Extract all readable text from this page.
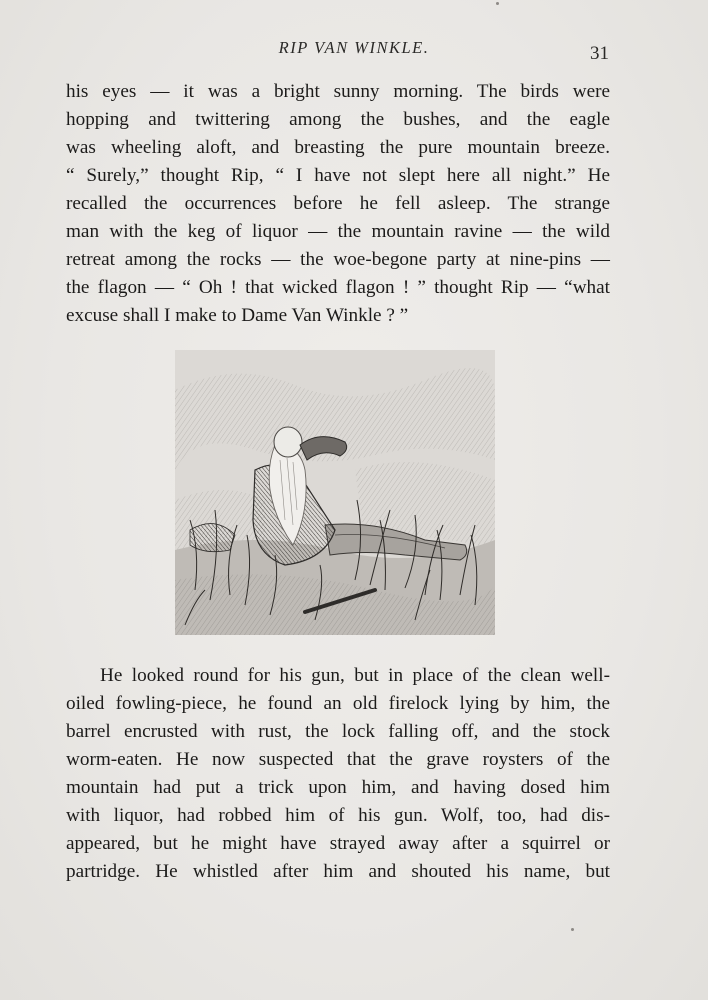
RIP VAN WINKLE.	31
his eyes — it was a bright sunny morning. The birds were
hopping and twittering among the bushes, and the eagle
was wheeling aloft, and breasting the pure mountain breeze.
“ Surely,” thought Rip, “ I have not slept here all night.” He
recalled the occurrences before he fell asleep. The strange
man with the keg of liquor — the mountain ravine — the wild
retreat among the rocks — the woe-begone party at nine-pins —
the flagon — “ Oh ! that wicked flagon ! ” thought Rip — “what
excuse shall I make to Dame Van Winkle ? ”
He looked round for his gun, but in place of the clean well-
oiled fowling-piece, he found an old firelock lying by him, the
barrel encrusted with rust, the lock falling off, and the stock
worm-eaten. He now suspected that the grave roysters of the
mountain had put a trick upon him, and having dosed him
with liquor, had robbed him of his gun. Wolf, too, had dis-
appeared, but he might have strayed away after a squirrel or
partridge. He whistled after him and shouted his name, but
